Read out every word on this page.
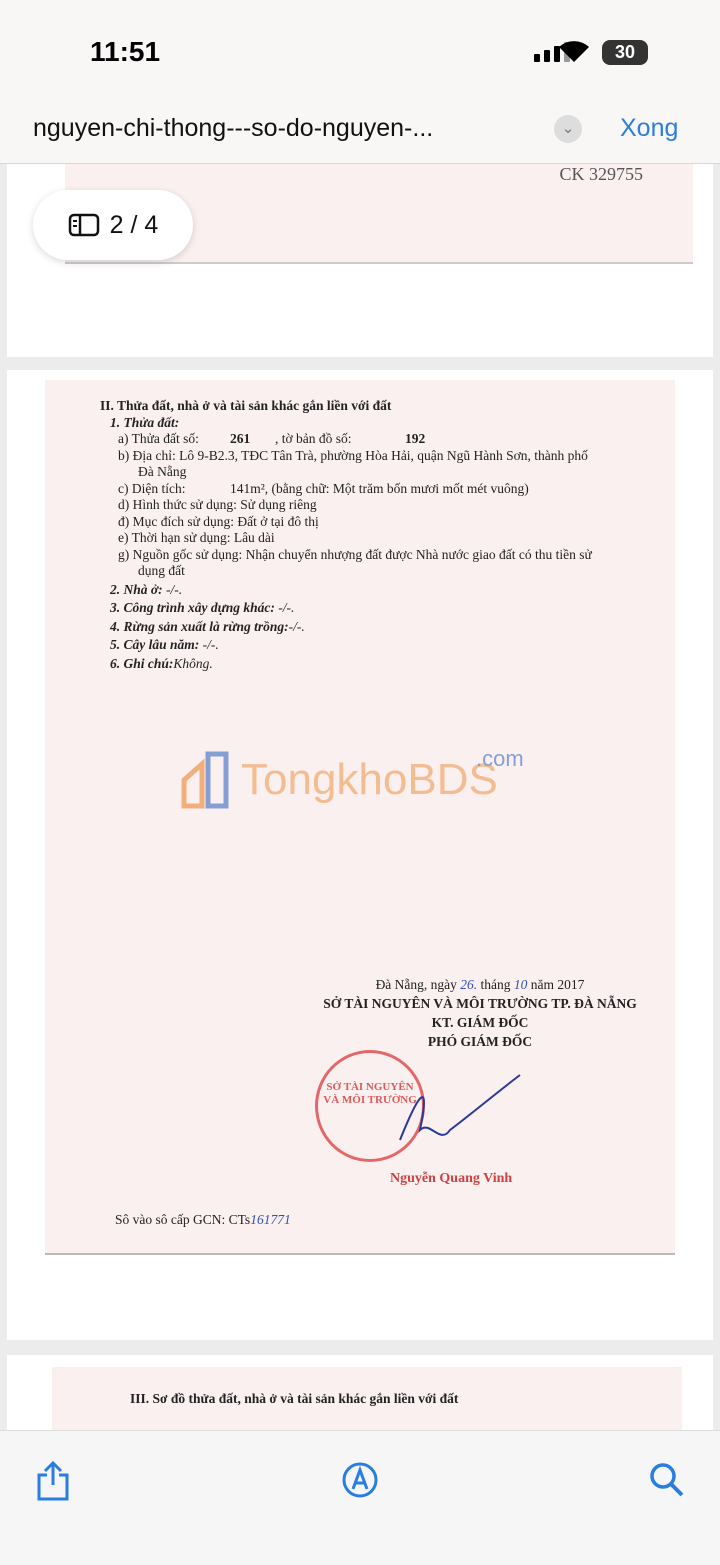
11:51	30
nguyen-chi-thong---so-do-nguyen-...	⌄	Xong
CK 329755
2 / 4
II. Thửa đất, nhà ở và tài sản khác gắn liền với đất
1. Thửa đất:
a) Thửa đất số: 261 , tờ bản đồ số:	192
b) Địa chỉ: Lô 9-B2.3, TĐC Tân Trà, phường Hòa Hải, quận Ngũ Hành Sơn, thành phố
Đà Nẵng
c) Diện tích:	141m², (bằng chữ: Một trăm bốn mươi mốt mét vuông)
d) Hình thức sử dụng: Sử dụng riêng
đ) Mục đích sử dụng: Đất ở tại đô thị
e) Thời hạn sử dụng: Lâu dài
g) Nguồn gốc sử dụng: Nhận chuyển nhượng đất được Nhà nước giao đất có thu tiền sử
dụng đất
2. Nhà ở: -/-.
3. Công trình xây dựng khác: -/-.
4. Rừng sản xuất là rừng trồng:-/-.
5. Cây lâu năm: -/-.
6. Ghi chú:Không.
TongkhoBDS
.com
Đà Nẵng, ngày 26. tháng 10 năm 2017
SỞ TÀI NGUYÊN VÀ MÔI TRƯỜNG TP. ĐÀ NẴNG
KT. GIÁM ĐỐC
PHÓ GIÁM ĐỐC
SỞ TÀI NGUYÊN VÀ MÔI TRƯỜNG
Nguyễn Quang Vinh
Sô vào sô cấp GCN: CTs161771
III. Sơ đồ thửa đất, nhà ở và tài sản khác gắn liền với đất
